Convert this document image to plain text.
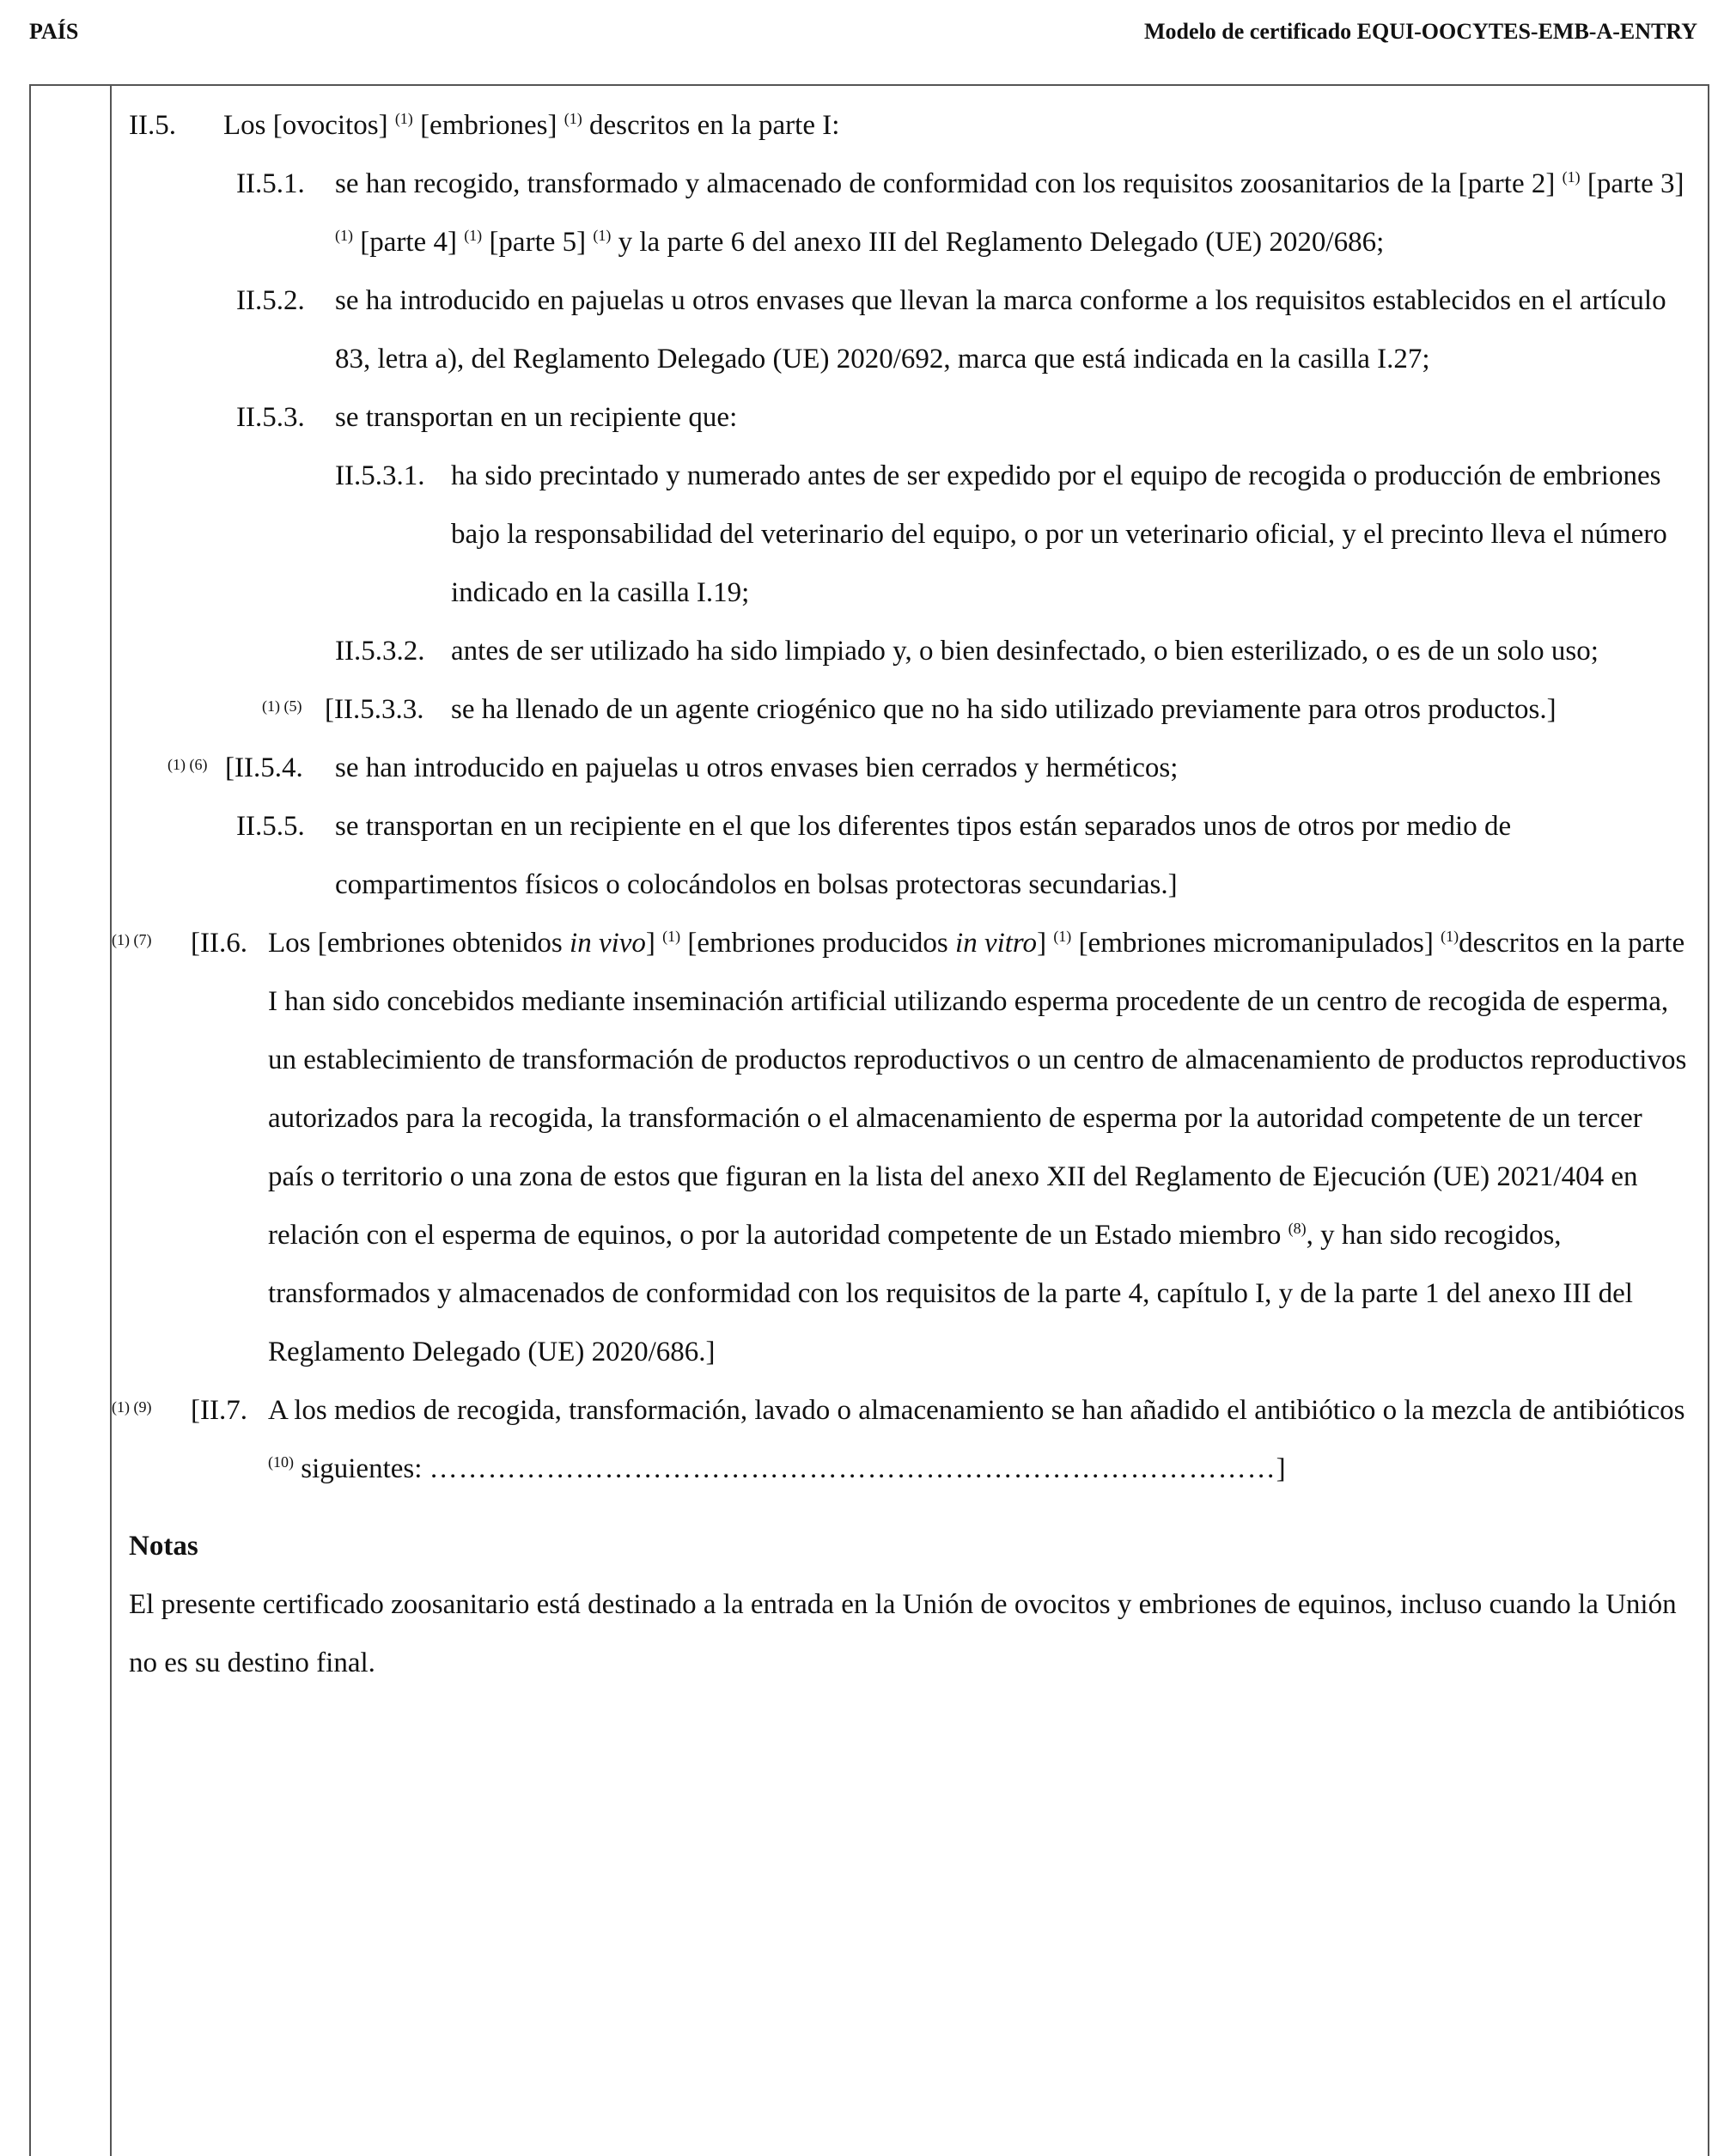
PAÍS	Modelo de certificado EQUI-OOCYTES-EMB-A-ENTRY
II.5. Los [ovocitos] $^{(1)}$ [embriones] $^{(1)}$ descritos en la parte I:
II.5.1. se han recogido, transformado y almacenado de conformidad con los requisitos zoosanitarios de la [parte 2] $^{(1)}$ [parte 3] $^{(1)}$ [parte 4] $^{(1)}$ [parte 5] $^{(1)}$ y la parte 6 del anexo III del Reglamento Delegado (UE) 2020/686;
II.5.2. se ha introducido en pajuelas u otros envases que llevan la marca conforme a los requisitos establecidos en el artículo 83, letra a), del Reglamento Delegado (UE) 2020/692, marca que está indicada en la casilla I.27;
II.5.3. se transportan en un recipiente que:
II.5.3.1. ha sido precintado y numerado antes de ser expedido por el equipo de recogida o producción de embriones bajo la responsabilidad del veterinario del equipo, o por un veterinario oficial, y el precinto lleva el número indicado en la casilla I.19;
II.5.3.2. antes de ser utilizado ha sido limpiado y, o bien desinfectado, o bien esterilizado, o es de un solo uso;
(1) (5) [II.5.3.3. se ha llenado de un agente criogénico que no ha sido utilizado previamente para otros productos.]
(1) (6) [II.5.4. se han introducido en pajuelas u otros envases bien cerrados y herméticos;
II.5.5. se transportan en un recipiente en el que los diferentes tipos están separados unos de otros por medio de compartimentos físicos o colocándolos en bolsas protectoras secundarias.]
(1) (7) [II.6. Los [embriones obtenidos in vivo] $^{(1)}$ [embriones producidos in vitro] $^{(1)}$ [embriones micromanipulados] $^{(1)}$descritos en la parte I han sido concebidos mediante inseminación artificial utilizando esperma procedente de un centro de recogida de esperma, un establecimiento de transformación de productos reproductivos o un centro de almacenamiento de productos reproductivos autorizados para la recogida, la transformación o el almacenamiento de esperma por la autoridad competente de un tercer país o territorio o una zona de estos que figuran en la lista del anexo XII del Reglamento de Ejecución (UE) 2021/404 en relación con el esperma de equinos, o por la autoridad competente de un Estado miembro $^{(8)}$, y han sido recogidos, transformados y almacenados de conformidad con los requisitos de la parte 4, capítulo I, y de la parte 1 del anexo III del Reglamento Delegado (UE) 2020/686.]
(1) (9) [II.7. A los medios de recogida, transformación, lavado o almacenamiento se han añadido el antibiótico o la mezcla de antibióticos $^{(10)}$ siguientes: ……………………………………………………………………………]
Notas
El presente certificado zoosanitario está destinado a la entrada en la Unión de ovocitos y embriones de equinos, incluso cuando la Unión no es su destino final.
